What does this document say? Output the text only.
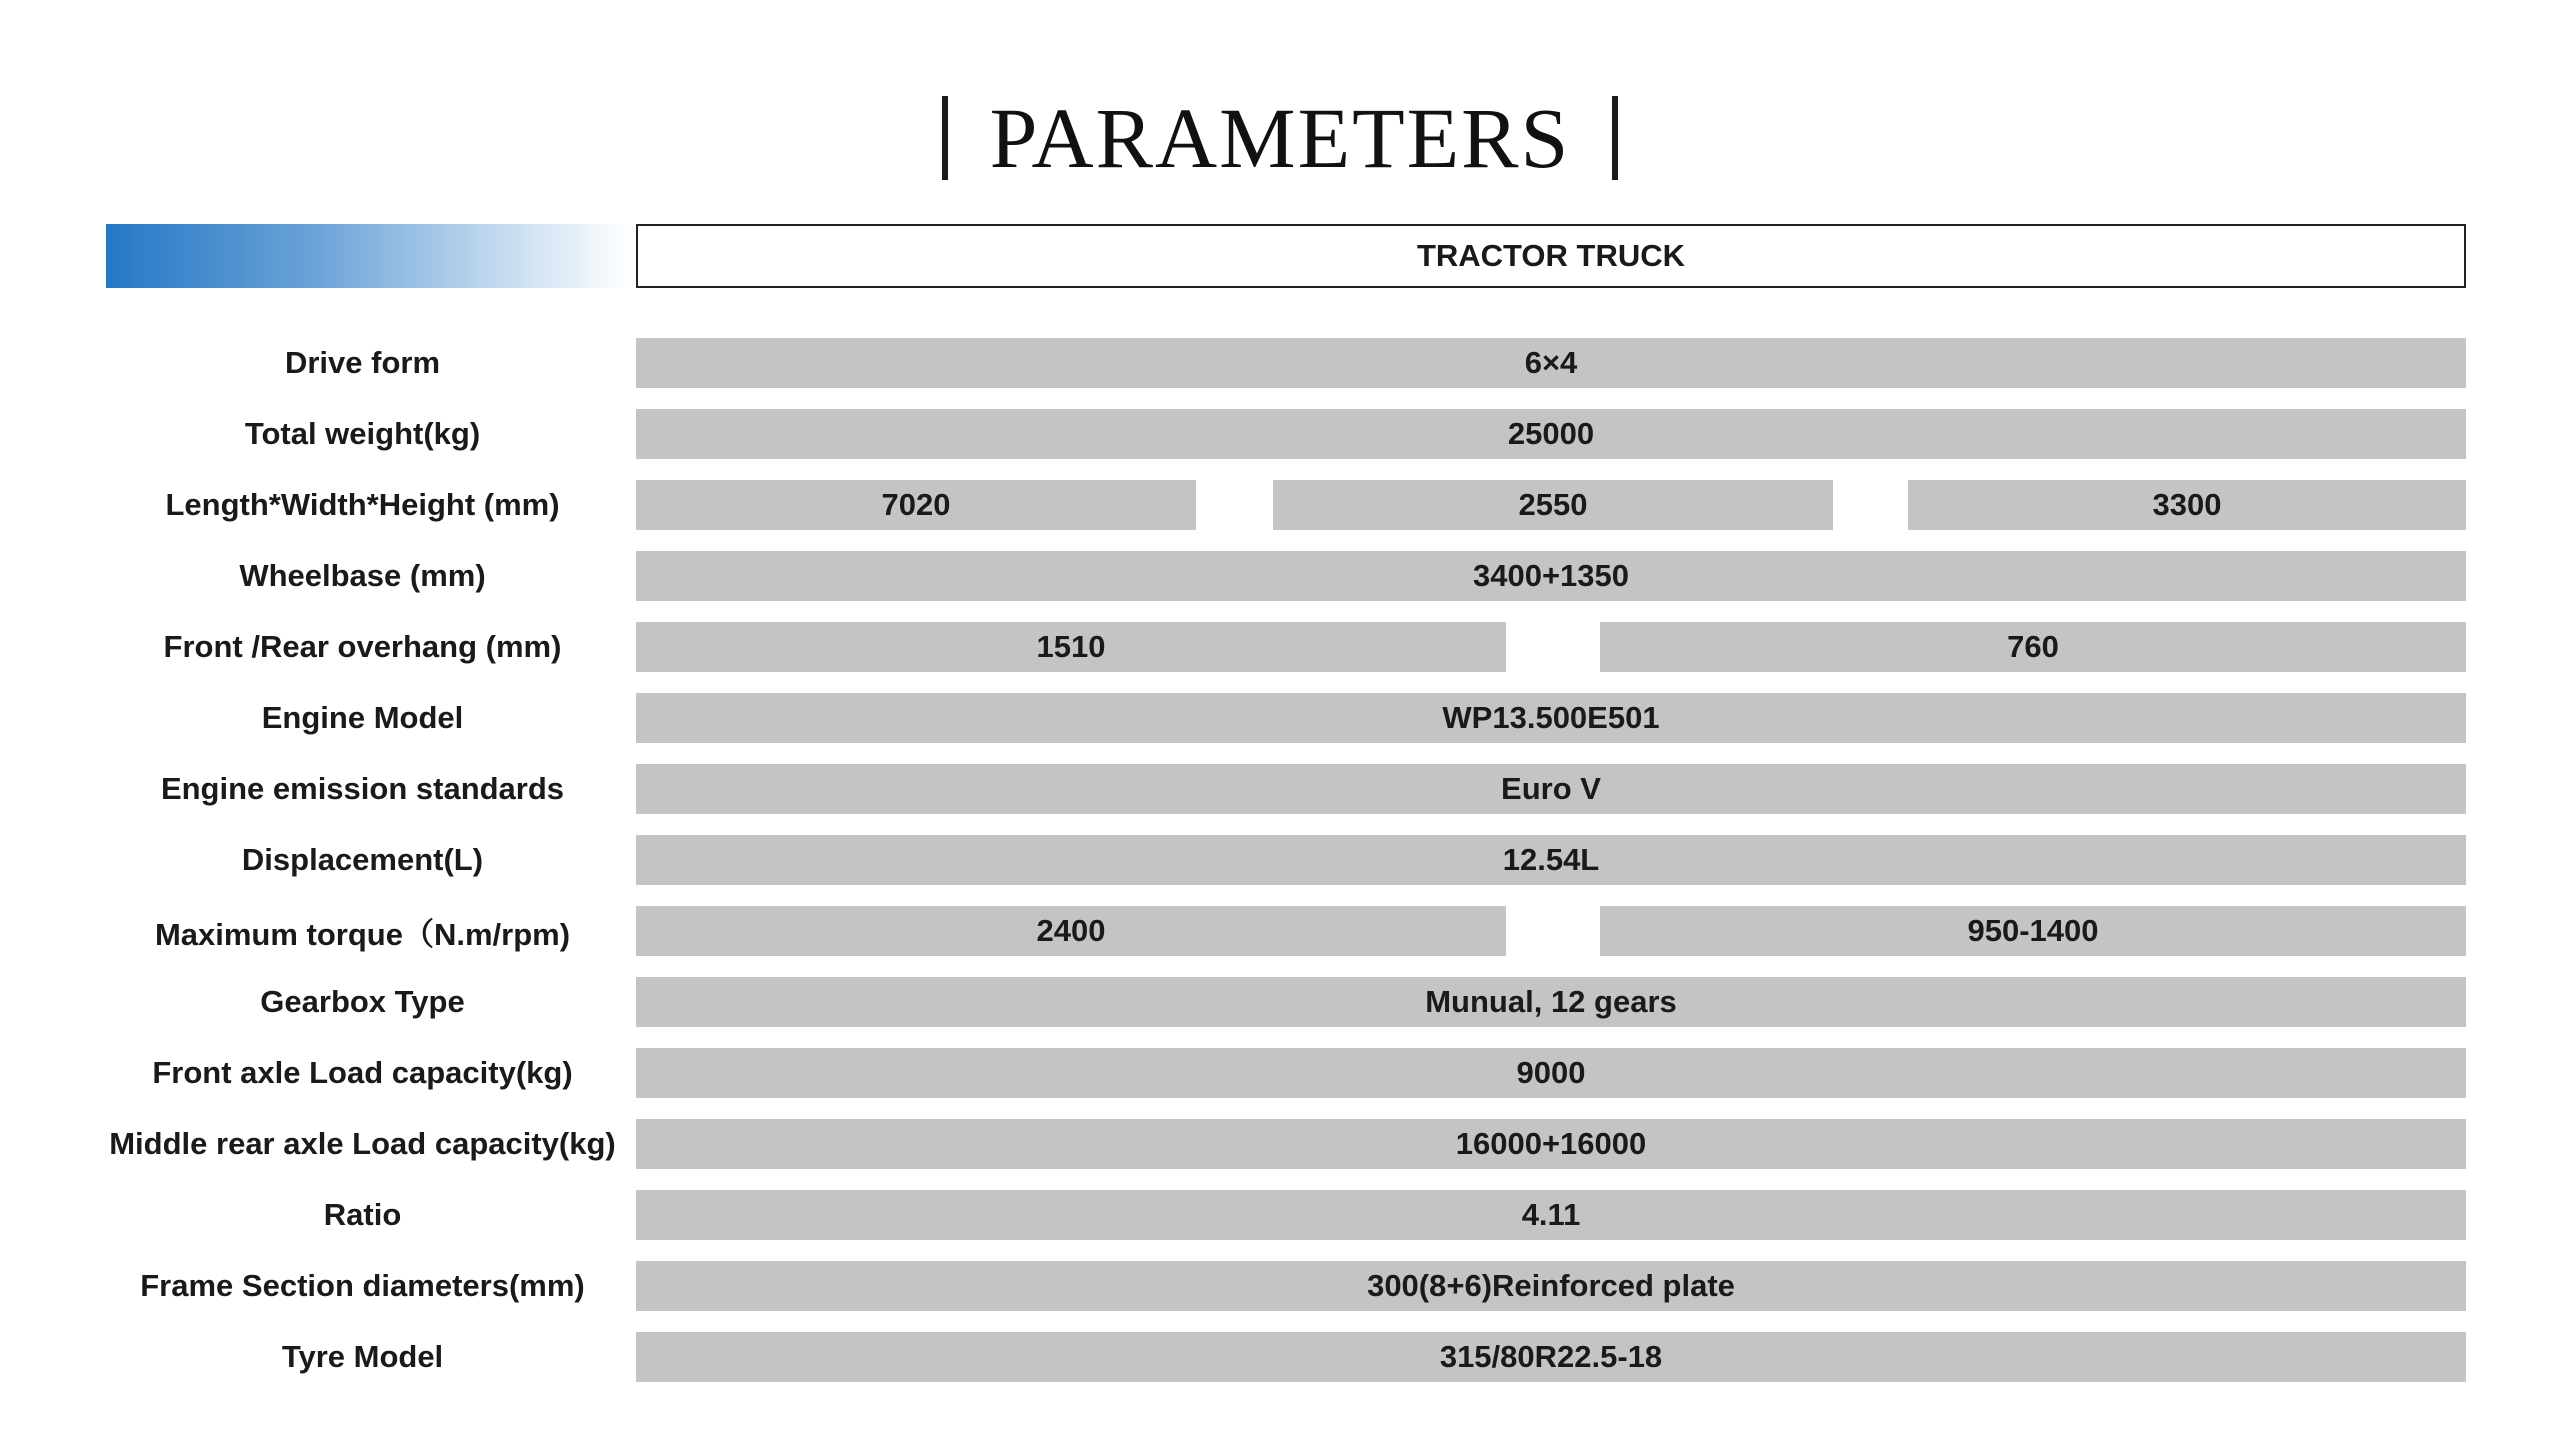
PARAMETERS
TRACTOR TRUCK
Drive form	6×4
Total weight(kg)	25000
Length*Width*Height (mm)	7020	2550	3300
Wheelbase (mm)	3400+1350
Front /Rear overhang (mm)	1510	760
Engine Model	WP13.500E501
Engine emission standards	Euro V
Displacement(L)	12.54L
Maximum torque（N.m/rpm)	2400	950-1400
Gearbox Type	Munual, 12 gears
Front axle Load capacity(kg)	9000
Middle rear axle Load capacity(kg)	16000+16000
Ratio	4.11
Frame Section diameters(mm)	300(8+6)Reinforced plate
Tyre Model	315/80R22.5-18
